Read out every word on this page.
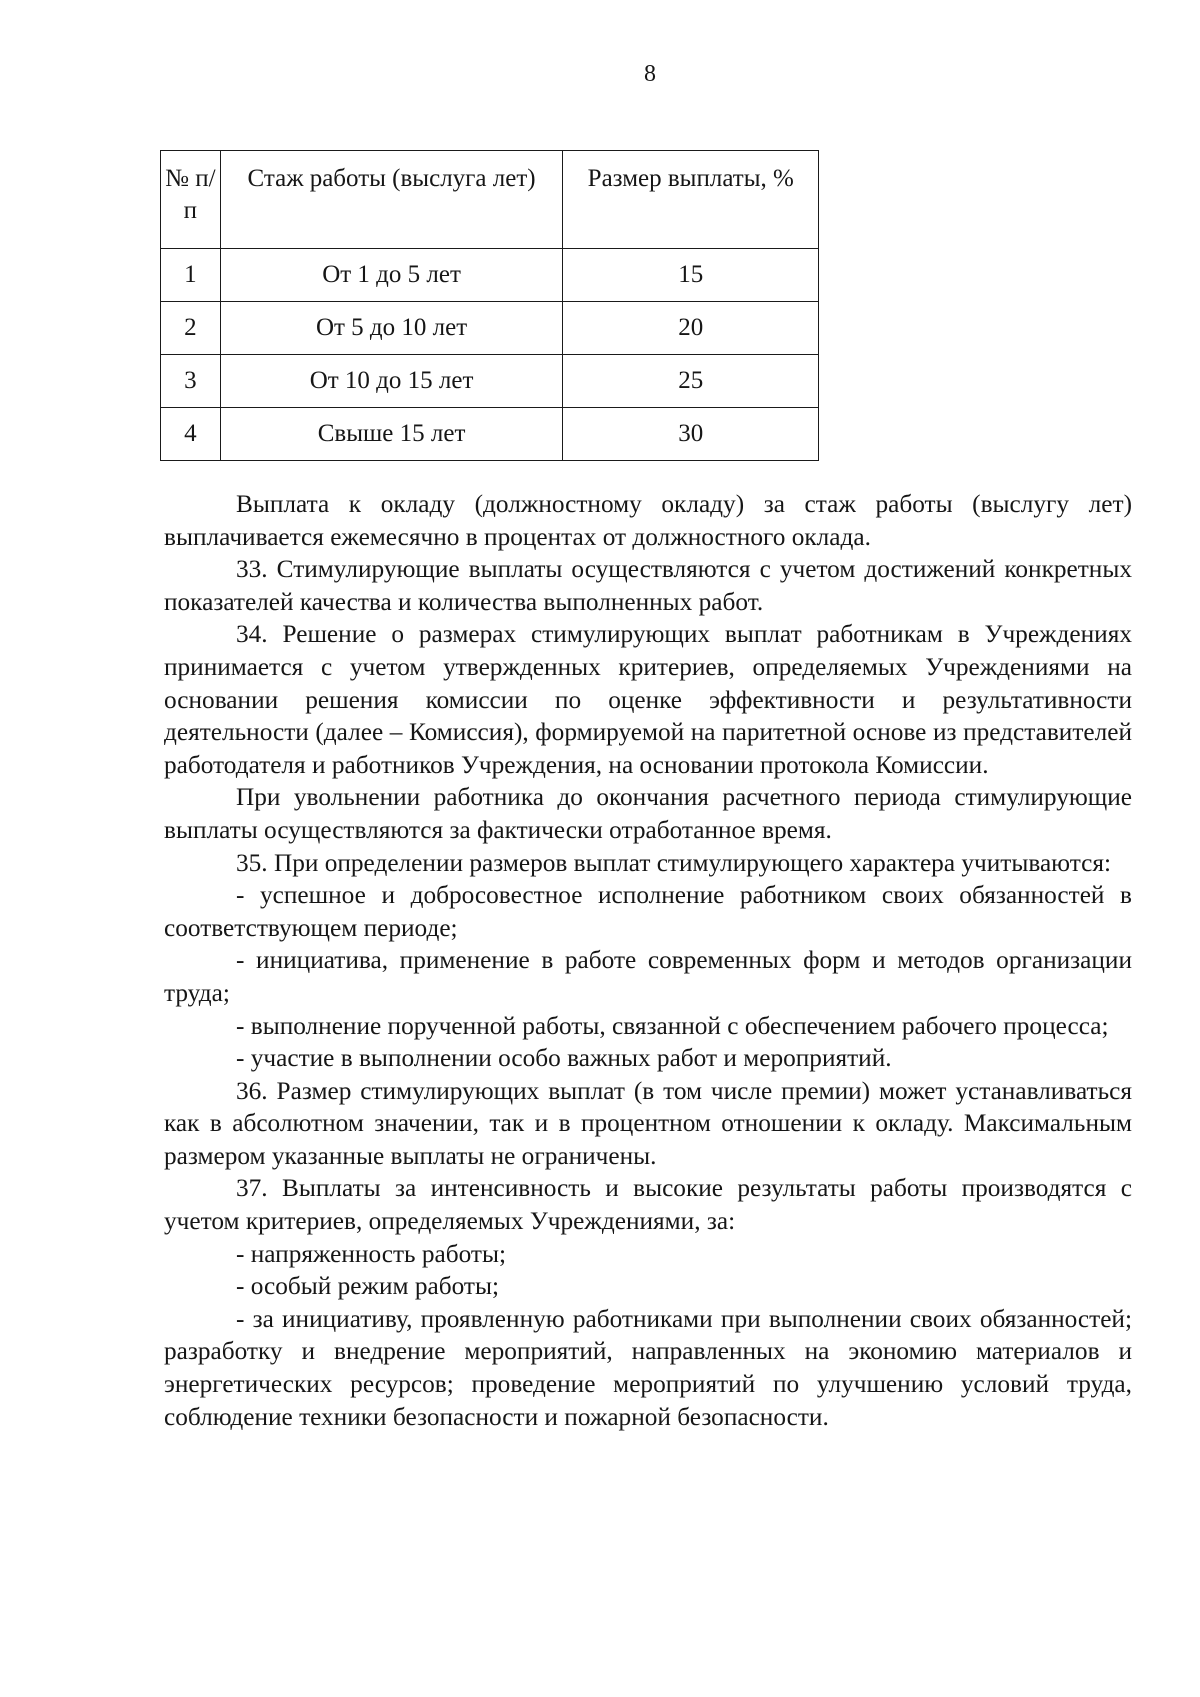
8
№ п/п	Стаж работы (выслуга лет)	Размер выплаты, %
1	От 1 до 5 лет	15
2	От 5 до 10 лет	20
3	От 10 до 15 лет	25
4	Свыше 15 лет	30

Выплата к окладу (должностному окладу) за стаж работы (выслугу лет) выплачивается ежемесячно в процентах от должностного оклада.

33. Стимулирующие выплаты осуществляются с учетом достижений конкретных показателей качества и количества выполненных работ.

34. Решение о размерах стимулирующих выплат работникам в Учреждениях принимается с учетом утвержденных критериев, определяемых Учреждениями на основании решения комиссии по оценке эффективности и результативности деятельности (далее – Комиссия), формируемой на паритетной основе из представителей работодателя и работников Учреждения, на основании протокола Комиссии.

При увольнении работника до окончания расчетного периода стимулирующие выплаты осуществляются за фактически отработанное время.

35. При определении размеров выплат стимулирующего характера учитываются:

- успешное и добросовестное исполнение работником своих обязанностей в соответствующем периоде;

- инициатива, применение в работе современных форм и методов организации труда;

- выполнение порученной работы, связанной с обеспечением рабочего процесса;

- участие в выполнении особо важных работ и мероприятий.

36. Размер стимулирующих выплат (в том числе премии) может устанавливаться как в абсолютном значении, так и в процентном отношении к окладу. Максимальным размером указанные выплаты не ограничены.

37. Выплаты за интенсивность и высокие результаты работы производятся с учетом критериев, определяемых Учреждениями, за:

- напряженность работы;

- особый режим работы;

- за инициативу, проявленную работниками при выполнении своих обязанностей; разработку и внедрение мероприятий, направленных на экономию материалов и энергетических ресурсов; проведение мероприятий по улучшению условий труда, соблюдение техники безопасности и пожарной безопасности.
